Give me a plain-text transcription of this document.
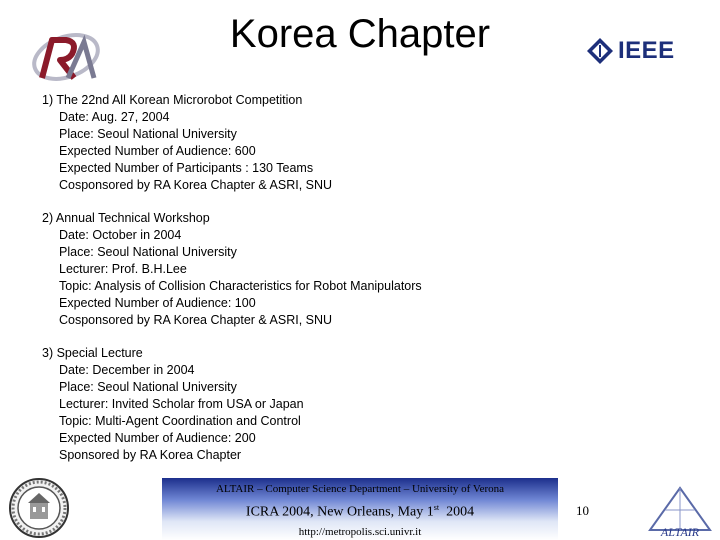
Korea Chapter	IEEE
1) The 22nd All Korean Microrobot Competition
Date: Aug. 27, 2004
Place: Seoul National University
Expected Number of Audience: 600
Expected Number of Participants : 130 Teams
Cosponsored by RA Korea Chapter & ASRI, SNU
2) Annual Technical Workshop
Date: October in 2004
Place: Seoul National University
Lecturer: Prof. B.H.Lee
Topic: Analysis of Collision Characteristics for Robot Manipulators
Expected Number of Audience: 100
Cosponsored by RA Korea Chapter & ASRI, SNU
3) Special Lecture
Date: December in 2004
Place: Seoul National University
Lecturer: Invited Scholar from USA or Japan
Topic: Multi-Agent Coordination and Control
Expected Number of Audience: 200
Sponsored by RA Korea Chapter
ALTAIR – Computer Science Department – University of Verona
ICRA 2004, New Orleans, May 1st 2004
http://metropolis.sci.univr.it
10
ALTAIR
